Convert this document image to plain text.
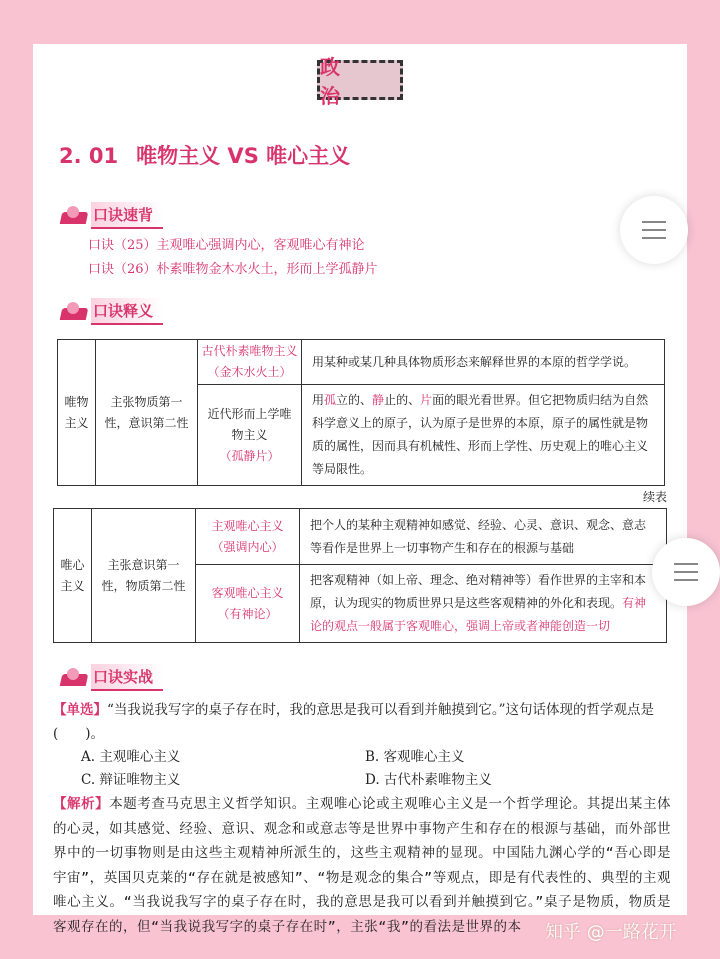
政 治
2. 01 唯物主义 VS 唯心主义
口诀速背
口诀（25）主观唯心强调内心，客观唯心有神论
口诀（26）朴素唯物金木水火土，形而上学孤静片
口诀释义
唯物主义	主张物质第一性，意识第二性	古代朴素唯物主义
（金木水火土）	用某种或某几种具体物质形态来解释世界的本原的哲学学说。

		近代形而上学唯物主义
（孤静片）	用孤立的、静止的、片面的眼光看世界。但它把物质归结为自然科学意义上的原子，认为原子是世界的本原，原子的属性就是物质的属性，因而具有机械性、形而上学性、历史观上的唯心主义等局限性。
续表
唯心主义	主张意识第一性，物质第二性	主观唯心主义
（强调内心）	把个人的某种主观精神如感觉、经验、心灵、意识、观念、意志等看作是世界上一切事物产生和存在的根源与基础

		客观唯心主义
（有神论）	把客观精神（如上帝、理念、绝对精神等）看作世界的主宰和本原，认为现实的物质世界只是这些客观精神的外化和表现。有神论的观点一般属于客观唯心，强调上帝或者神能创造一切
口诀实战
【单选】“当我说我写字的桌子存在时，我的意思是我可以看到并触摸到它。”这句话体现的哲学观点是(　　)。
A. 主观唯心主义	B. 客观唯心主义
C. 辩证唯物主义	D. 古代朴素唯物主义
【解析】本题考查马克思主义哲学知识。主观唯心论或主观唯心主义是一个哲学理论。其提出某主体的心灵，如其感觉、经验、意识、观念和或意志等是世界中事物产生和存在的根源与基础，而外部世界中的一切事物则是由这些主观精神所派生的，这些主观精神的显现。中国陆九渊心学的“吾心即是宇宙”，英国贝克莱的“存在就是被感知”、“物是观念的集合”等观点，即是有代表性的、典型的主观唯心主义。“当我说我写字的桌子存在时，我的意思是我可以看到并触摸到它。”桌子是物质，物质是客观存在的，但“当我说我写字的桌子存在时”，主张“我”的看法是世界的本	知乎 @一路花开
